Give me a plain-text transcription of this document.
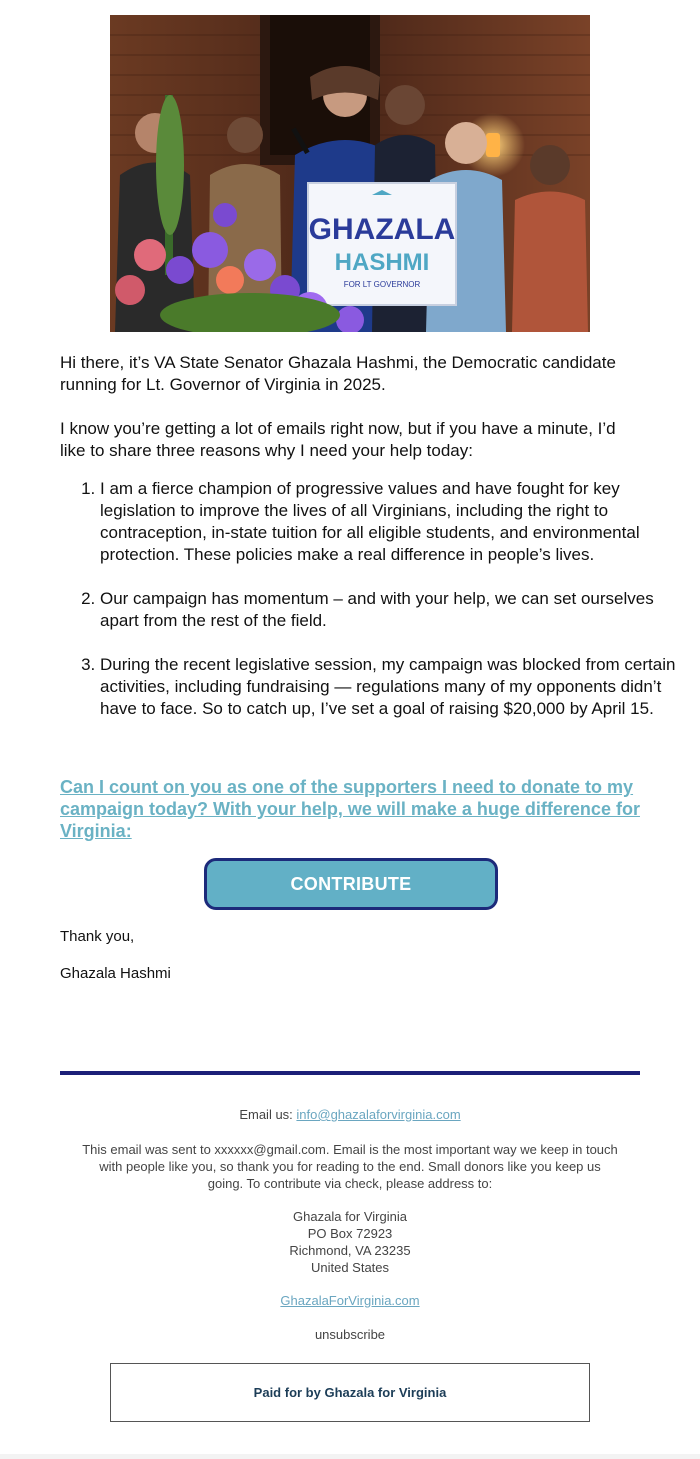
GHAZALA
HASHMI
FOR LT GOVERNOR
Hi there, it’s VA State Senator Ghazala Hashmi, the Democratic candidate running for Lt. Governor of Virginia in 2025.
I know you’re getting a lot of emails right now, but if you have a minute, I’d like to share three reasons why I need your help today:
1. I am a fierce champion of progressive values and have fought for key legislation to improve the lives of all Virginians, including the right to contraception, in-state tuition for all eligible students, and environmental protection. These policies make a real difference in people’s lives.
2. Our campaign has momentum – and with your help, we can set ourselves apart from the rest of the field.
3. During the recent legislative session, my campaign was blocked from certain activities, including fundraising — regulations many of my opponents didn’t have to face. So to catch up, I’ve set a goal of raising $20,000 by April 15.
Can I count on you as one of the supporters I need to donate to my campaign today? With your help, we will make a huge difference for Virginia:
CONTRIBUTE
Thank you,
Ghazala Hashmi
Email us: info@ghazalaforvirginia.com
This email was sent to xxxxxx@gmail.com. Email is the most important way we keep in touch with people like you, so thank you for reading to the end. Small donors like you keep us going. To contribute via check, please address to:
Ghazala for Virginia
PO Box 72923
Richmond, VA 23235
United States
GhazalaForVirginia.com
unsubscribe
Paid for by Ghazala for Virginia
